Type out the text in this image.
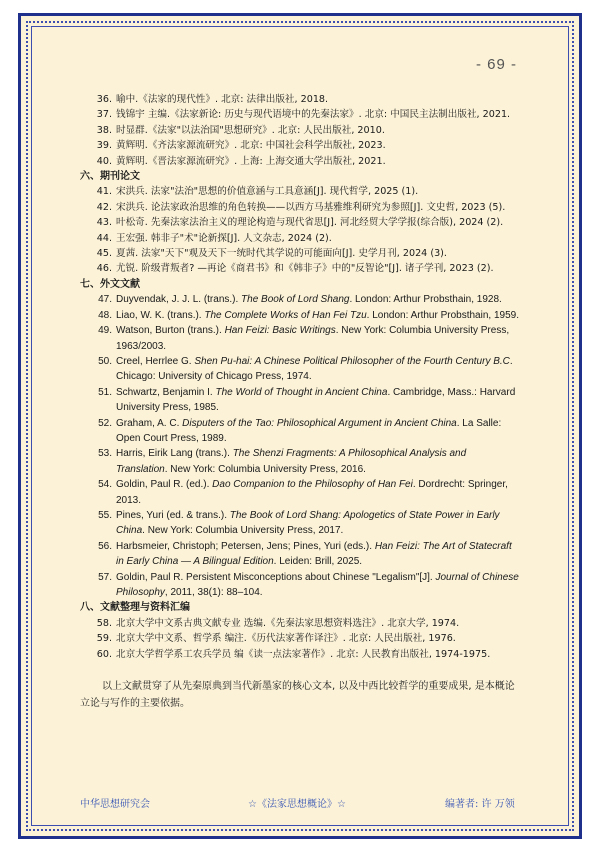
- 69 -
36. 喻中.《法家的现代性》. 北京: 法律出版社, 2018.
37. 钱锦宇 主编.《法家新论: 历史与现代语境中的先秦法家》. 北京: 中国民主法制出版社, 2021.
38. 时显群.《法家"以法治国"思想研究》. 北京: 人民出版社, 2010.
39. 黄辉明.《齐法家源流研究》. 北京: 中国社会科学出版社, 2023.
40. 黄辉明.《晋法家源流研究》. 上海: 上海交通大学出版社, 2021.
六、期刊论文
41. 宋洪兵. 法家"法治"思想的价值意涵与工具意涵[J]. 现代哲学, 2025 (1).
42. 宋洪兵. 论法家政治思维的角色转换——以西方马基雅维利研究为参照[J]. 文史哲, 2023 (5).
43. 叶松奇. 先秦法家法治主义的理论构造与现代省思[J]. 河北经贸大学学报(综合版), 2024 (2).
44. 王宏强. 韩非子"术"论新探[J]. 人文杂志, 2024 (2).
45. 夏茜. 法家"天下"观及天下一统时代其学说的可能面向[J]. 史学月刊, 2024 (3).
46. 尤锐. 阶级背叛者? —再论《商君书》和《韩非子》中的"反智论"[J]. 诸子学刊, 2023 (2).
七、外文文献
47. Duyvendak, J. J. L. (trans.). The Book of Lord Shang. London: Arthur Probsthain, 1928.
48. Liao, W. K. (trans.). The Complete Works of Han Fei Tzu. London: Arthur Probsthain, 1959.
49. Watson, Burton (trans.). Han Feizi: Basic Writings. New York: Columbia University Press, 1963/2003.
50. Creel, Herrlee G. Shen Pu-hai: A Chinese Political Philosopher of the Fourth Century B.C. Chicago: University of Chicago Press, 1974.
51. Schwartz, Benjamin I. The World of Thought in Ancient China. Cambridge, Mass.: Harvard University Press, 1985.
52. Graham, A. C. Disputers of the Tao: Philosophical Argument in Ancient China. La Salle: Open Court Press, 1989.
53. Harris, Eirik Lang (trans.). The Shenzi Fragments: A Philosophical Analysis and Translation. New York: Columbia University Press, 2016.
54. Goldin, Paul R. (ed.). Dao Companion to the Philosophy of Han Fei. Dordrecht: Springer, 2013.
55. Pines, Yuri (ed. & trans.). The Book of Lord Shang: Apologetics of State Power in Early China. New York: Columbia University Press, 2017.
56. Harbsmeier, Christoph; Petersen, Jens; Pines, Yuri (eds.). Han Feizi: The Art of Statecraft in Early China — A Bilingual Edition. Leiden: Brill, 2025.
57. Goldin, Paul R. Persistent Misconceptions about Chinese "Legalism"[J]. Journal of Chinese Philosophy, 2011, 38(1): 88–104.
八、文献整理与资料汇编
58. 北京大学中文系古典文献专业 选编.《先秦法家思想资料选注》. 北京大学, 1974.
59. 北京大学中文系、哲学系 编注.《历代法家著作译注》. 北京: 人民出版社, 1976.
60. 北京大学哲学系工农兵学员 编《读一点法家著作》. 北京: 人民教育出版社, 1974-1975.
以上文献贯穿了从先秦原典到当代新墨家的核心文本, 以及中西比较哲学的重要成果, 是本概论立论与写作的主要依据。
中华思想研究会	☆《法家思想概论》☆	编著者: 许 万领
